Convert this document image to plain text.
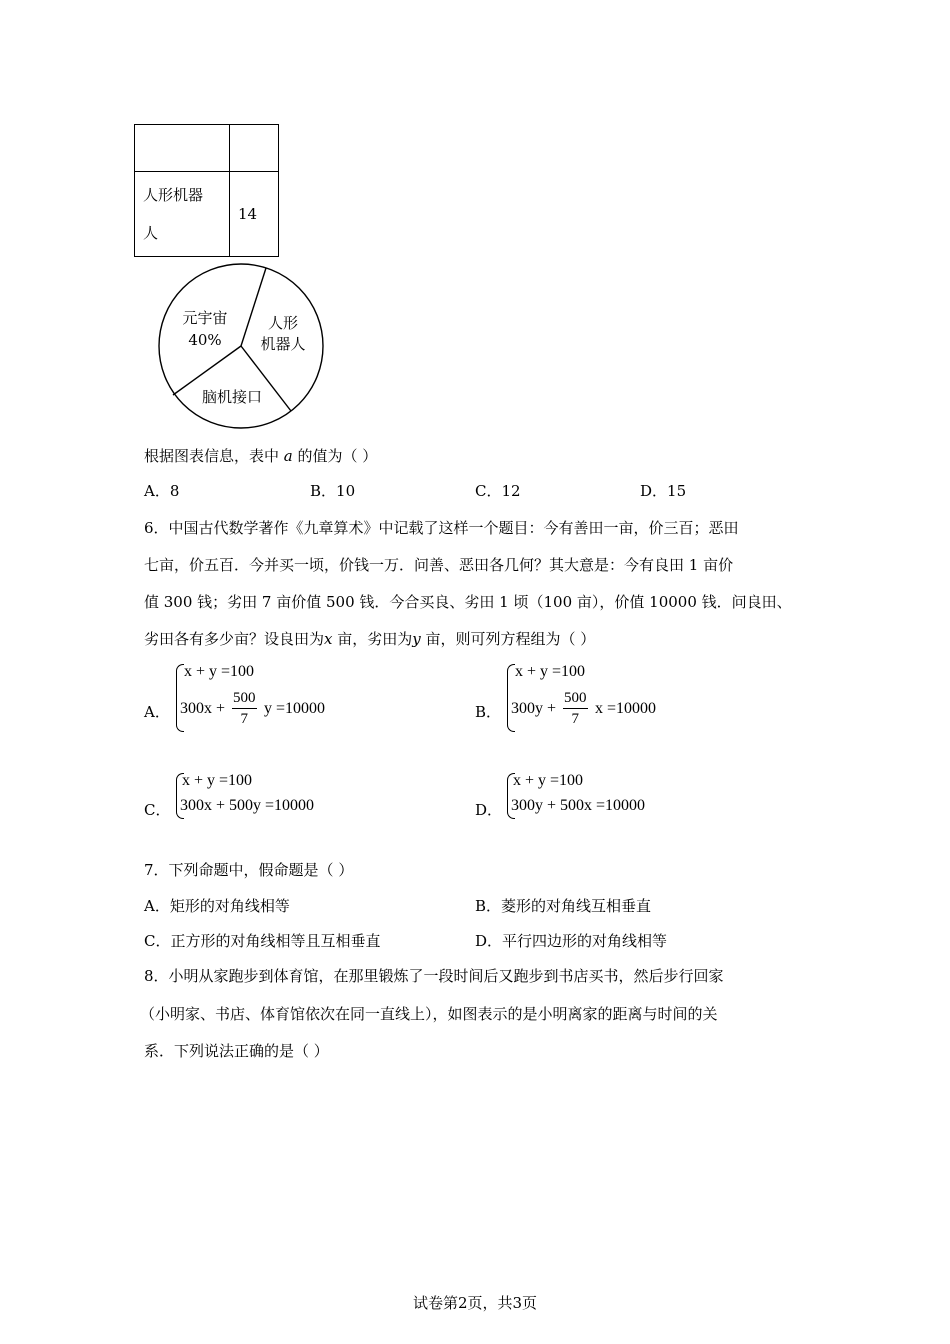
人形机器
人	14
元宇宙
40%
人形
机器人
脑机接口
根据图表信息，表中 a 的值为（ ）
A．8	B．10	C．12	D．15
6．中国古代数学著作《九章算术》中记载了这样一个题目：今有善田一亩，价三百；恶田
七亩，价五百．今并买一顷，价钱一万．问善、恶田各几何？其大意是：今有良田 1 亩价
值 300 钱；劣田 7 亩价值 500 钱．今合买良、劣田 1 顷（100 亩），价值 10000 钱．问良田、
劣田各有多少亩？设良田为x 亩，劣田为y 亩，则可列方程组为（ ）
A．
x + y =100
$300x + \frac{500}{7}$ y =10000	B．
x + y =100
$300y + \frac{500}{7}$ x =10000
C．
x + y =100
300x + 500y =10000	D．
x + y =100
300y + 500x =10000
7．下列命题中，假命题是（ ）
A．矩形的对角线相等	B．菱形的对角线互相垂直
C．正方形的对角线相等且互相垂直	D．平行四边形的对角线相等
8．小明从家跑步到体育馆，在那里锻炼了一段时间后又跑步到书店买书，然后步行回家
（小明家、书店、体育馆依次在同一直线上），如图表示的是小明离家的距离与时间的关
系．下列说法正确的是（ ）
试卷第2页，共3页
